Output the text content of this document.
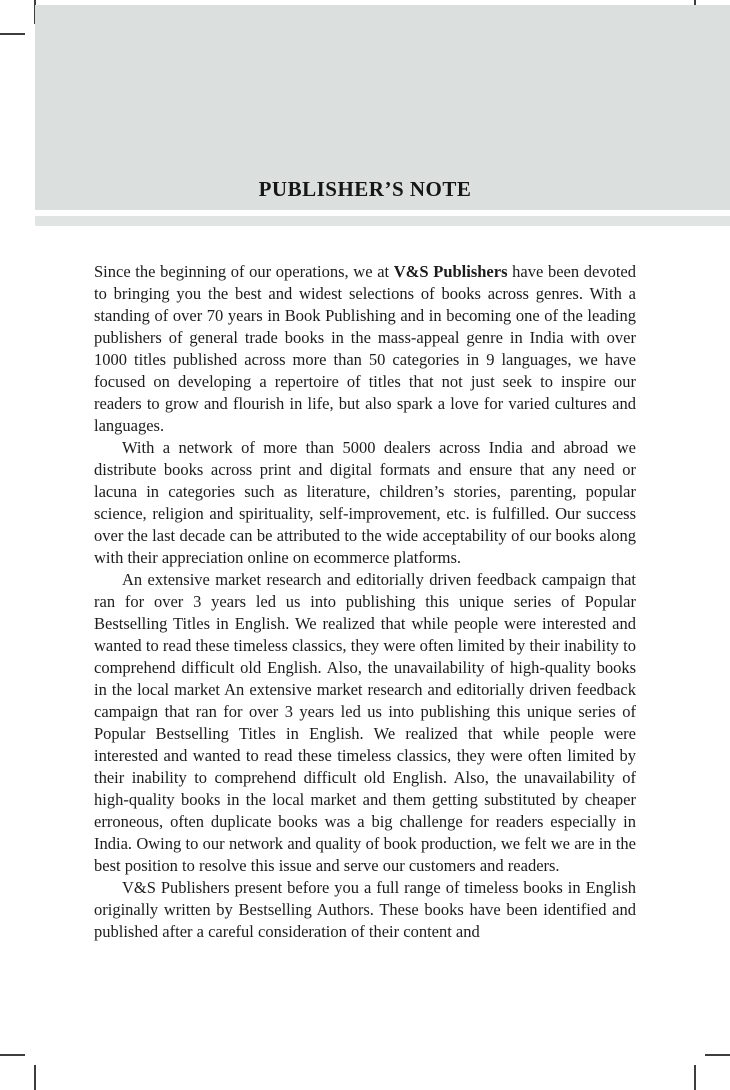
PUBLISHER’S NOTE

Since the beginning of our operations, we at V&S Publishers have been devoted to bringing you the best and widest selections of books across genres. With a standing of over 70 years in Book Publishing and in becoming one of the leading publishers of general trade books in the mass-appeal genre in India with over 1000 titles published across more than 50 categories in 9 languages, we have focused on developing a repertoire of titles that not just seek to inspire our readers to grow and flourish in life, but also spark a love for varied cultures and languages.

With a network of more than 5000 dealers across India and abroad we distribute books across print and digital formats and ensure that any need or lacuna in categories such as literature, children’s stories, parenting, popular science, religion and spirituality, self-improvement, etc. is fulfilled. Our success over the last decade can be attributed to the wide acceptability of our books along with their appreciation online on ecommerce platforms.

An extensive market research and editorially driven feedback campaign that ran for over 3 years led us into publishing this unique series of Popular Bestselling Titles in English. We realized that while people were interested and wanted to read these timeless classics, they were often limited by their inability to comprehend difficult old English. Also, the unavailability of high-quality books in the local market An extensive market research and editorially driven feedback campaign that ran for over 3 years led us into publishing this unique series of Popular Bestselling Titles in English. We realized that while people were interested and wanted to read these timeless classics, they were often limited by their inability to comprehend difficult old English. Also, the unavailability of high-quality books in the local market and them getting substituted by cheaper erroneous, often duplicate books was a big challenge for readers especially in India. Owing to our network and quality of book production, we felt we are in the best position to resolve this issue and serve our customers and readers.

V&S Publishers present before you a full range of timeless books in English originally written by Bestselling Authors. These books have been identified and published after a careful consideration of their content and
